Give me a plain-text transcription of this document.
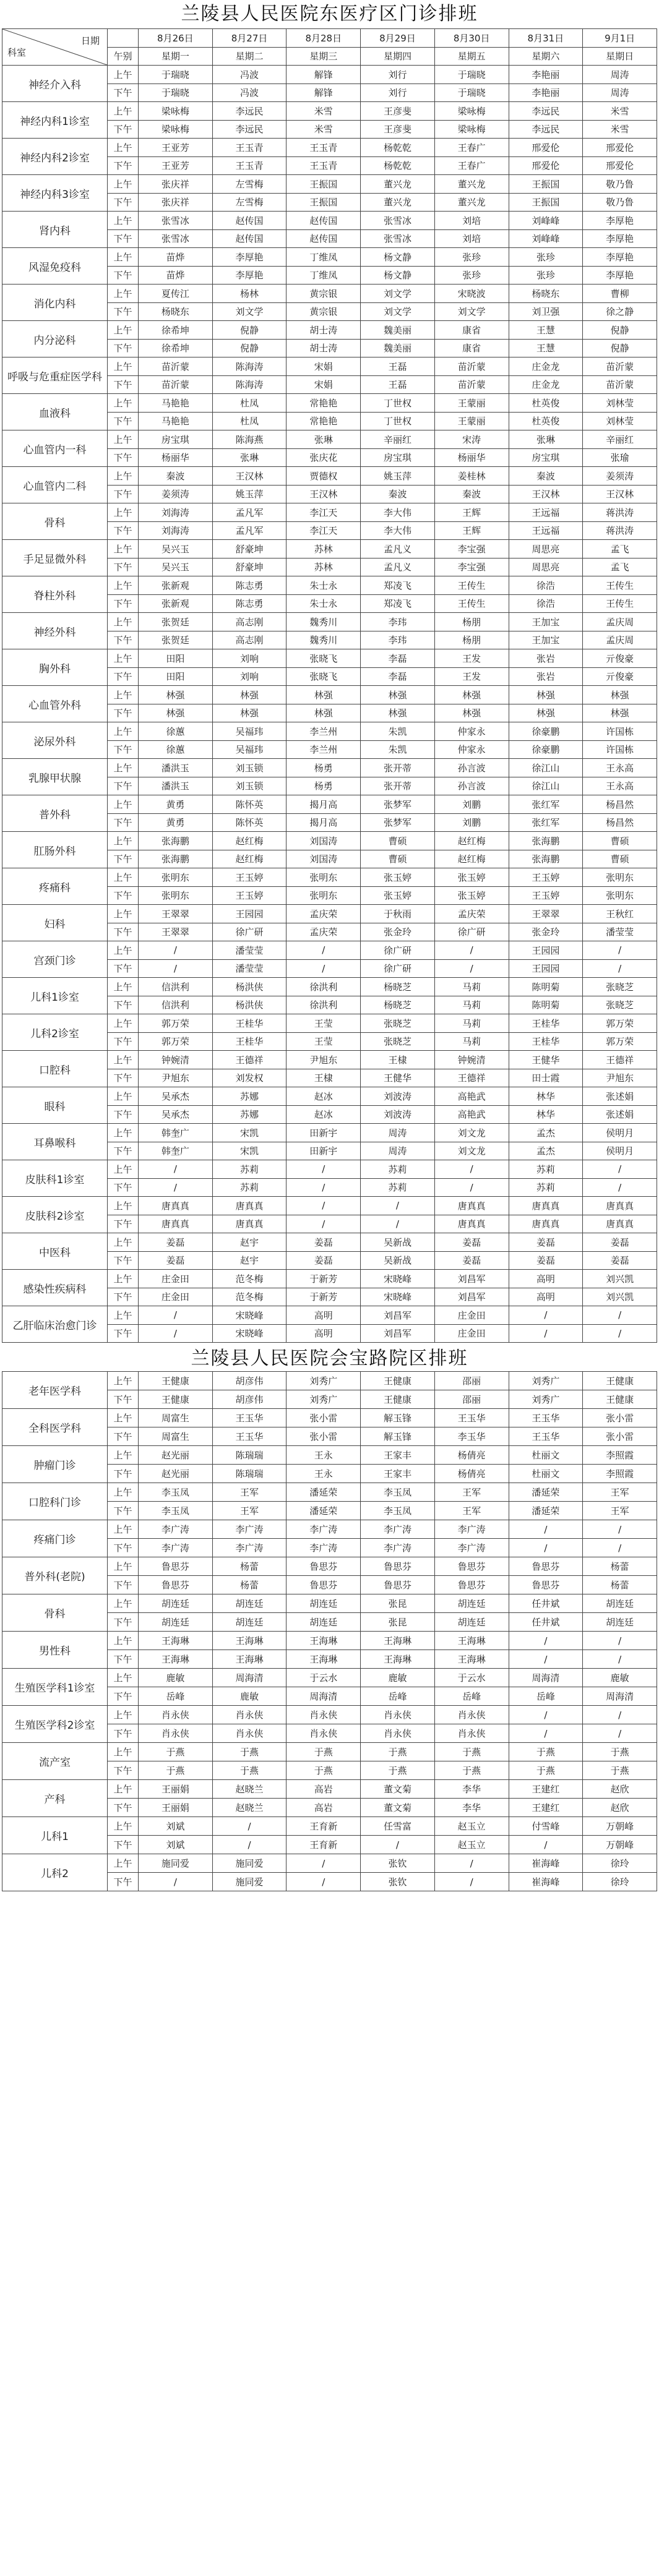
兰陵县人民医院东医疗区门诊排班
日期
科室		8月26日	8月27日	8月28日	8月29日	8月30日	8月31日	9月1日
	午别	星期一	星期二	星期三	星期四	星期五	星期六	星期日
神经介入科	上午	于瑞晓	冯波	解锋	刘行	于瑞晓	李艳丽	周涛
	下午	于瑞晓	冯波	解锋	刘行	于瑞晓	李艳丽	周涛
神经内科1诊室	上午	梁咏梅	李远民	米雪	王彦斐	梁咏梅	李远民	米雪
	下午	梁咏梅	李远民	米雪	王彦斐	梁咏梅	李远民	米雪
神经内科2诊室	上午	王亚芳	王玉青	王玉青	杨乾乾	王春广	邢爱伦	邢爱伦
	下午	王亚芳	王玉青	王玉青	杨乾乾	王春广	邢爱伦	邢爱伦
神经内科3诊室	上午	张庆祥	左雪梅	王振国	董兴龙	董兴龙	王振国	敬乃鲁
	下午	张庆祥	左雪梅	王振国	董兴龙	董兴龙	王振国	敬乃鲁
肾内科	上午	张雪冰	赵传国	赵传国	张雪冰	刘培	刘峰峰	李厚艳
	下午	张雪冰	赵传国	赵传国	张雪冰	刘培	刘峰峰	李厚艳
风湿免疫科	上午	苗烨	李厚艳	丁维凤	杨文静	张珍	张珍	李厚艳
	下午	苗烨	李厚艳	丁维凤	杨文静	张珍	张珍	李厚艳
消化内科	上午	夏传江	杨林	黄宗银	刘文学	宋晓波	杨晓东	曹柳
	下午	杨晓东	刘文学	黄宗银	刘文学	刘文学	刘卫强	徐之静
内分泌科	上午	徐希坤	倪静	胡士涛	魏美丽	康省	王慧	倪静
	下午	徐希坤	倪静	胡士涛	魏美丽	康省	王慧	倪静
呼吸与危重症医学科	上午	苗沂蒙	陈海涛	宋娟	王磊	苗沂蒙	庄金龙	苗沂蒙
	下午	苗沂蒙	陈海涛	宋娟	王磊	苗沂蒙	庄金龙	苗沂蒙
血液科	上午	马艳艳	杜凤	常艳艳	丁世权	王蒙丽	杜英俊	刘林莹
	下午	马艳艳	杜凤	常艳艳	丁世权	王蒙丽	杜英俊	刘林莹
心血管内一科	上午	房宝琪	陈海燕	张琳	辛丽红	宋涛	张琳	辛丽红
	下午	杨丽华	张琳	张庆花	房宝琪	杨丽华	房宝琪	张瑜
心血管内二科	上午	秦波	王汉林	贾德权	姚玉萍	姜桂林	秦波	姜须涛
	下午	姜须涛	姚玉萍	王汉林	秦波	秦波	王汉林	王汉林
骨科	上午	刘海涛	孟凡军	李江天	李大伟	王辉	王远福	蒋洪涛
	下午	刘海涛	孟凡军	李江天	李大伟	王辉	王远福	蒋洪涛
手足显微外科	上午	吴兴玉	舒豪坤	苏林	孟凡义	李宝强	周思亮	孟飞
	下午	吴兴玉	舒豪坤	苏林	孟凡义	李宝强	周思亮	孟飞
脊柱外科	上午	张新观	陈志勇	朱士永	郑凌飞	王传生	徐浩	王传生
	下午	张新观	陈志勇	朱士永	郑凌飞	王传生	徐浩	王传生
神经外科	上午	张贺廷	高志刚	魏秀川	李玮	杨朋	王加宝	孟庆周
	下午	张贺廷	高志刚	魏秀川	李玮	杨朋	王加宝	孟庆周
胸外科	上午	田阳	刘响	张晓飞	李磊	王发	张岩	亓俊豪
	下午	田阳	刘响	张晓飞	李磊	王发	张岩	亓俊豪
心血管外科	上午	林强	林强	林强	林强	林强	林强	林强
	下午	林强	林强	林强	林强	林强	林强	林强
泌尿外科	上午	徐蕙	吴福玮	李兰州	朱凯	仲家永	徐豪鹏	许国栋
	下午	徐蕙	吴福玮	李兰州	朱凯	仲家永	徐豪鹏	许国栋
乳腺甲状腺	上午	潘洪玉	刘玉锁	杨勇	张开蒂	孙言波	徐江山	王永高
	下午	潘洪玉	刘玉锁	杨勇	张开蒂	孙言波	徐江山	王永高
普外科	上午	黄勇	陈怀英	揭月高	张梦军	刘鹏	张红军	杨昌然
	下午	黄勇	陈怀英	揭月高	张梦军	刘鹏	张红军	杨昌然
肛肠外科	上午	张海鹏	赵红梅	刘国涛	曹硕	赵红梅	张海鹏	曹硕
	下午	张海鹏	赵红梅	刘国涛	曹硕	赵红梅	张海鹏	曹硕
疼痛科	上午	张明东	王玉婷	张明东	张玉婷	张玉婷	王玉婷	张明东
	下午	张明东	王玉婷	张明东	张玉婷	张玉婷	王玉婷	张明东
妇科	上午	王翠翠	王园园	孟庆荣	于秋雨	孟庆荣	王翠翠	王秋红
	下午	王翠翠	徐广研	孟庆荣	张金玲	徐广研	张金玲	潘莹莹
宫颈门诊	上午	/	潘莹莹	/	徐广研	/	王园园	/
	下午	/	潘莹莹	/	徐广研	/	王园园	/
儿科1诊室	上午	信洪利	杨洪侠	徐洪利	杨晓芝	马莉	陈明菊	张晓芝
	下午	信洪利	杨洪侠	徐洪利	杨晓芝	马莉	陈明菊	张晓芝
儿科2诊室	上午	郭万荣	王桂华	王莹	张晓芝	马莉	王桂华	郭万荣
	下午	郭万荣	王桂华	王莹	张晓芝	马莉	王桂华	郭万荣
口腔科	上午	钟婉清	王德祥	尹旭东	王棣	钟婉清	王健华	王德祥
	下午	尹旭东	刘发权	王棣	王健华	王德祥	田士霞	尹旭东
眼科	上午	吴承杰	苏娜	赵冰	刘波涛	高艳武	林华	张述娟
	下午	吴承杰	苏娜	赵冰	刘波涛	高艳武	林华	张述娟
耳鼻喉科	上午	韩奎广	宋凯	田新宇	周涛	刘文龙	孟杰	侯明月
	下午	韩奎广	宋凯	田新宇	周涛	刘文龙	孟杰	侯明月
皮肤科1诊室	上午	/	苏莉	/	苏莉	/	苏莉	/
	下午	/	苏莉	/	苏莉	/	苏莉	/
皮肤科2诊室	上午	唐真真	唐真真	/	/	唐真真	唐真真	唐真真
	下午	唐真真	唐真真	/	/	唐真真	唐真真	唐真真
中医科	上午	姜磊	赵宇	姜磊	吴新战	姜磊	姜磊	姜磊
	下午	姜磊	赵宇	姜磊	吴新战	姜磊	姜磊	姜磊
感染性疾病科	上午	庄金田	范冬梅	于新芳	宋晓峰	刘昌军	高明	刘兴凯
	下午	庄金田	范冬梅	于新芳	宋晓峰	刘昌军	高明	刘兴凯
乙肝临床治愈门诊	上午	/	宋晓峰	高明	刘昌军	庄金田	/	/
	下午	/	宋晓峰	高明	刘昌军	庄金田	/	/
兰陵县人民医院会宝路院区排班
老年医学科	上午	王健康	胡彦伟	刘秀广	王健康	邵丽	刘秀广	王健康
	下午	王健康	胡彦伟	刘秀广	王健康	邵丽	刘秀广	王健康
全科医学科	上午	周富生	王玉华	张小雷	解玉锋	王玉华	王玉华	张小雷
	下午	周富生	王玉华	张小雷	解玉锋	李玉华	王玉华	张小雷
肿瘤门诊	上午	赵光丽	陈瑞瑞	王永	王家丰	杨倩亮	杜丽文	李照霞
	下午	赵光丽	陈瑞瑞	王永	王家丰	杨倩亮	杜丽文	李照霞
口腔科门诊	上午	李玉凤	王军	潘延荣	李玉凤	王军	潘延荣	王军
	下午	李玉凤	王军	潘延荣	李玉凤	王军	潘延荣	王军
疼痛门诊	上午	李广涛	李广涛	李广涛	李广涛	李广涛	/	/
	下午	李广涛	李广涛	李广涛	李广涛	李广涛	/	/
普外科(老院)	上午	鲁思芬	杨蕾	鲁思芬	鲁思芬	鲁思芬	鲁思芬	杨蕾
	下午	鲁思芬	杨蕾	鲁思芬	鲁思芬	鲁思芬	鲁思芬	杨蕾
骨科	上午	胡连廷	胡连廷	胡连廷	张昆	胡连廷	任井斌	胡连廷
	下午	胡连廷	胡连廷	胡连廷	张昆	胡连廷	任井斌	胡连廷
男性科	上午	王海琳	王海琳	王海琳	王海琳	王海琳	/	/
	下午	王海琳	王海琳	王海琳	王海琳	王海琳	/	/
生殖医学科1诊室	上午	鹿敏	周海清	于云水	鹿敏	于云水	周海清	鹿敏
	下午	岳峰	鹿敏	周海清	岳峰	岳峰	岳峰	周海清
生殖医学科2诊室	上午	肖永侠	肖永侠	肖永侠	肖永侠	肖永侠	/	/
	下午	肖永侠	肖永侠	肖永侠	肖永侠	肖永侠	/	/
流产室	上午	于燕	于燕	于燕	于燕	于燕	于燕	于燕
	下午	于燕	于燕	于燕	于燕	于燕	于燕	于燕
产科	上午	王丽娟	赵晓兰	高岩	董文菊	李华	王建红	赵欣
	下午	王丽娟	赵晓兰	高岩	董文菊	李华	王建红	赵欣
儿科1	上午	刘斌	/	王育新	任雪富	赵玉立	付雪峰	万朝峰
	下午	刘斌	/	王育新	/	赵玉立	/	万朝峰
儿科2	上午	施同爱	施同爱	/	张钦	/	崔海峰	徐玲
	下午	/	施同爱	/	张钦	/	崔海峰	徐玲
